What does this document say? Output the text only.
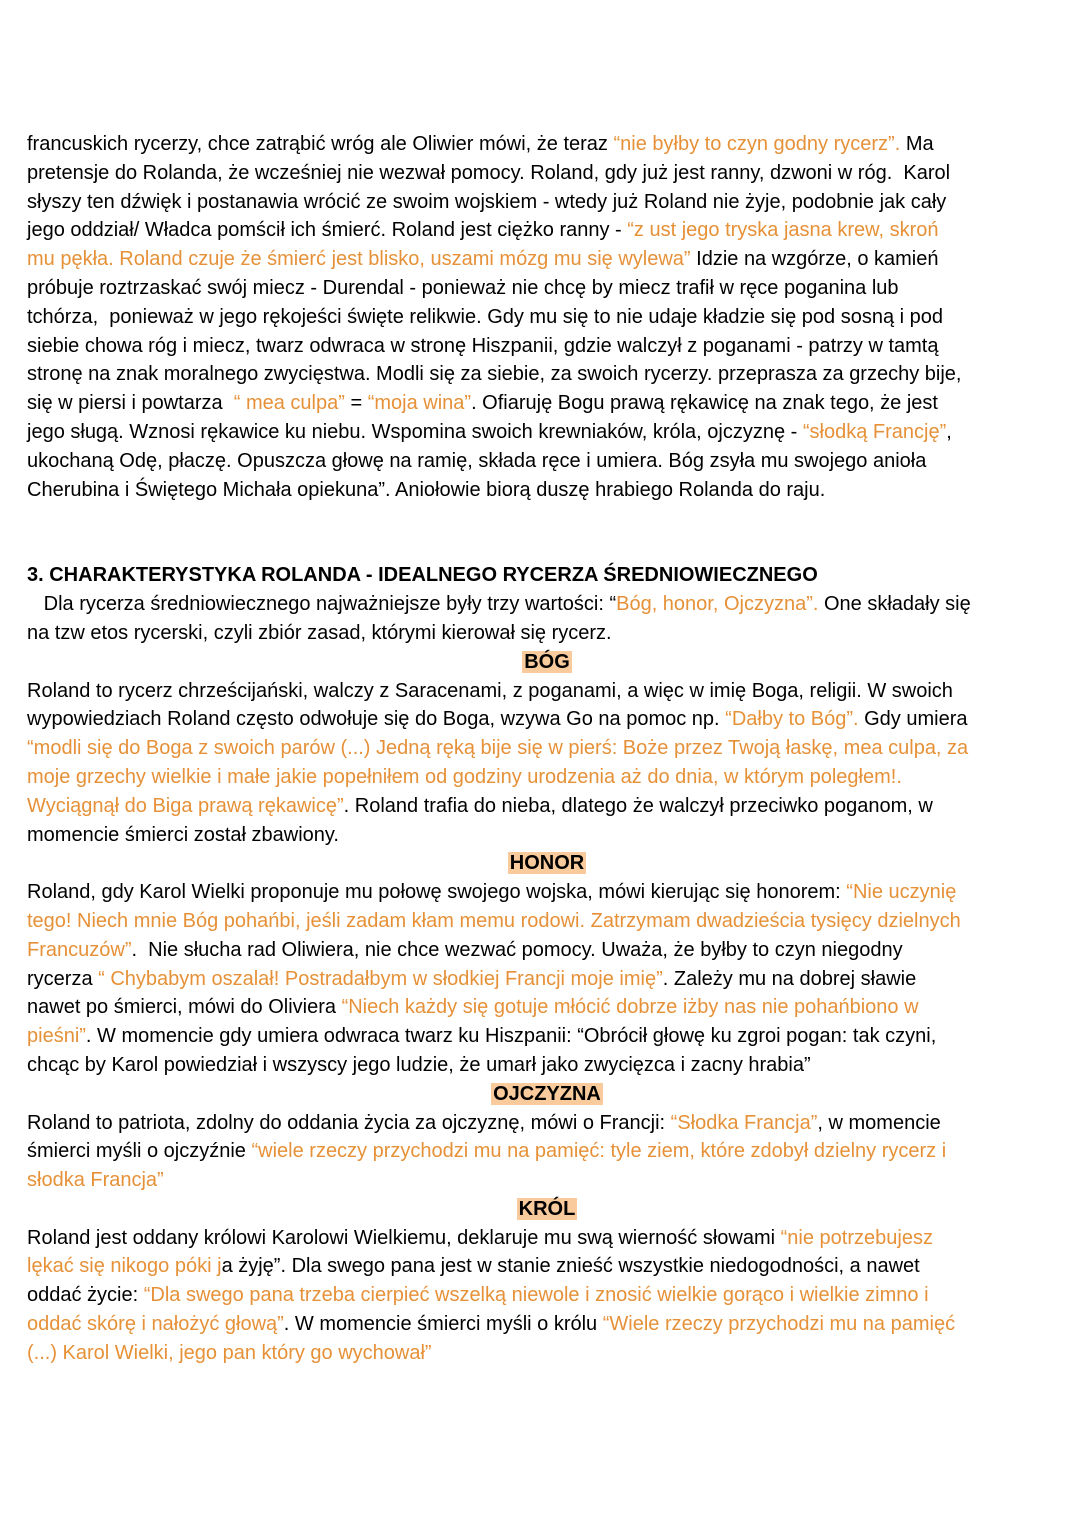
francuskich rycerzy, chce zatrąbić wróg ale Oliwier mówi, że teraz “nie byłby to czyn godny rycerz”. Ma
pretensje do Rolanda, że wcześniej nie wezwał pomocy. Roland, gdy już jest ranny, dzwoni w róg.  Karol
słyszy ten dźwięk i postanawia wrócić ze swoim wojskiem - wtedy już Roland nie żyje, podobnie jak cały
jego oddział/ Władca pomścił ich śmierć. Roland jest ciężko ranny - “z ust jego tryska jasna krew, skroń
mu pękła. Roland czuje że śmierć jest blisko, uszami mózg mu się wylewa” Idzie na wzgórze, o kamień
próbuje roztrzaskać swój miecz - Durendal - ponieważ nie chcę by miecz trafił w ręce poganina lub
tchórza,  ponieważ w jego rękojeści święte relikwie. Gdy mu się to nie udaje kładzie się pod sosną i pod
siebie chowa róg i miecz, twarz odwraca w stronę Hiszpanii, gdzie walczył z poganami - patrzy w tamtą
stronę na znak moralnego zwycięstwa. Modli się za siebie, za swoich rycerzy. przeprasza za grzechy bije,
się w piersi i powtarza  “ mea culpa” = “moja wina”. Ofiaruję Bogu prawą rękawicę na znak tego, że jest
jego sługą. Wznosi rękawice ku niebu. Wspomina swoich krewniaków, króla, ojczyznę - “słodką Francję”,
ukochaną Odę, płaczę. Opuszcza głowę na ramię, składa ręce i umiera. Bóg zsyła mu swojego anioła
Cherubina i Świętego Michała opiekuna”. Aniołowie biorą duszę hrabiego Rolanda do raju.
3. CHARAKTERYSTYKA ROLANDA - IDEALNEGO RYCERZA ŚREDNIOWIECZNEGO
Dla rycerza średniowiecznego najważniejsze były trzy wartości: “Bóg, honor, Ojczyzna”. One składały się
na tzw etos rycerski, czyli zbiór zasad, którymi kierował się rycerz.
BÓG
Roland to rycerz chrześcijański, walczy z Saracenami, z poganami, a więc w imię Boga, religii. W swoich
wypowiedziach Roland często odwołuje się do Boga, wzywa Go na pomoc np. “Dałby to Bóg”. Gdy umiera
“modli się do Boga z swoich parów (...) Jedną ręką bije się w pierś: Boże przez Twoją łaskę, mea culpa, za
moje grzechy wielkie i małe jakie popełniłem od godziny urodzenia aż do dnia, w którym poległem!.
Wyciągnął do Biga prawą rękawicę”. Roland trafia do nieba, dlatego że walczył przeciwko poganom, w
momencie śmierci został zbawiony.
HONOR
Roland, gdy Karol Wielki proponuje mu połowę swojego wojska, mówi kierując się honorem: “Nie uczynię
tego! Niech mnie Bóg pohańbi, jeśli zadam kłam memu rodowi. Zatrzymam dwadzieścia tysięcy dzielnych
Francuzów”.  Nie słucha rad Oliwiera, nie chce wezwać pomocy. Uważa, że byłby to czyn niegodny
rycerza “ Chybabym oszalał! Postradałbym w słodkiej Francji moje imię”. Zależy mu na dobrej sławie
nawet po śmierci, mówi do Oliviera “Niech każdy się gotuje młócić dobrze iżby nas nie pohańbiono w
pieśni”. W momencie gdy umiera odwraca twarz ku Hiszpanii: “Obrócił głowę ku zgroi pogan: tak czyni,
chcąc by Karol powiedział i wszyscy jego ludzie, że umarł jako zwycięzca i zacny hrabia”
OJCZYZNA
Roland to patriota, zdolny do oddania życia za ojczyznę, mówi o Francji: “Słodka Francja”, w momencie
śmierci myśli o ojczyźnie “wiele rzeczy przychodzi mu na pamięć: tyle ziem, które zdobył dzielny rycerz i
słodka Francja”
KRÓL
Roland jest oddany królowi Karolowi Wielkiemu, deklaruje mu swą wierność słowami “nie potrzebujesz
lękać się nikogo póki ja żyję”. Dla swego pana jest w stanie znieść wszystkie niedogodności, a nawet
oddać życie: “Dla swego pana trzeba cierpieć wszelką niewole i znosić wielkie gorąco i wielkie zimno i
oddać skórę i nałożyć głową”. W momencie śmierci myśli o królu “Wiele rzeczy przychodzi mu na pamięć
(...) Karol Wielki, jego pan który go wychował”
